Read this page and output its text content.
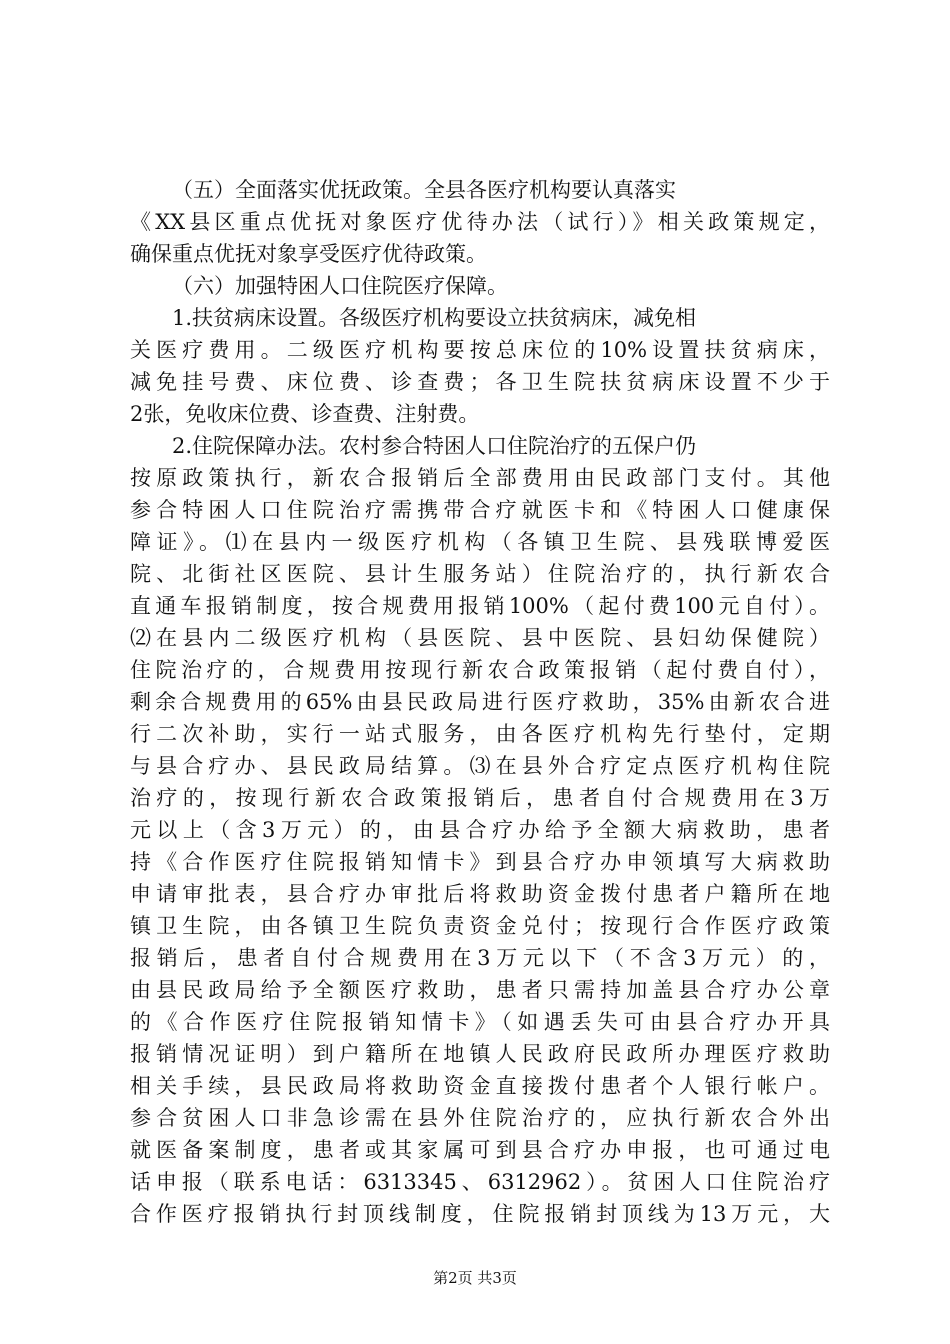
（五）全面落实优抚政策。全县各医疗机构要认真落实
《XX县区重点优抚对象医疗优待办法（试行）》相关政策规定，
确保重点优抚对象享受医疗优待政策。
（六）加强特困人口住院医疗保障。
1.扶贫病床设置。各级医疗机构要设立扶贫病床，减免相
关医疗费用。二级医疗机构要按总床位的10%设置扶贫病床，
减免挂号费、床位费、诊查费；各卫生院扶贫病床设置不少于
2张，免收床位费、诊查费、注射费。
2.住院保障办法。农村参合特困人口住院治疗的五保户仍
按原政策执行，新农合报销后全部费用由民政部门支付。其他
参合特困人口住院治疗需携带合疗就医卡和《特困人口健康保
障证》。⑴在县内一级医疗机构（各镇卫生院、县残联博爱医
院、北街社区医院、县计生服务站）住院治疗的，执行新农合
直通车报销制度，按合规费用报销100%（起付费100元自付）。
⑵在县内二级医疗机构（县医院、县中医院、县妇幼保健院）
住院治疗的，合规费用按现行新农合政策报销（起付费自付），
剩余合规费用的65%由县民政局进行医疗救助，35%由新农合进
行二次补助，实行一站式服务，由各医疗机构先行垫付，定期
与县合疗办、县民政局结算。⑶在县外合疗定点医疗机构住院
治疗的，按现行新农合政策报销后，患者自付合规费用在3万
元以上（含3万元）的，由县合疗办给予全额大病救助，患者
持《合作医疗住院报销知情卡》到县合疗办申领填写大病救助
申请审批表，县合疗办审批后将救助资金拨付患者户籍所在地
镇卫生院，由各镇卫生院负责资金兑付；按现行合作医疗政策
报销后，患者自付合规费用在3万元以下（不含3万元）的，
由县民政局给予全额医疗救助，患者只需持加盖县合疗办公章
的《合作医疗住院报销知情卡》（如遇丢失可由县合疗办开具
报销情况证明）到户籍所在地镇人民政府民政所办理医疗救助
相关手续，县民政局将救助资金直接拨付患者个人银行帐户。
参合贫困人口非急诊需在县外住院治疗的，应执行新农合外出
就医备案制度，患者或其家属可到县合疗办申报，也可通过电
话申报（联系电话：6313345、6312962）。贫困人口住院治疗
合作医疗报销执行封顶线制度，住院报销封顶线为13万元，大
第2页 共3页
